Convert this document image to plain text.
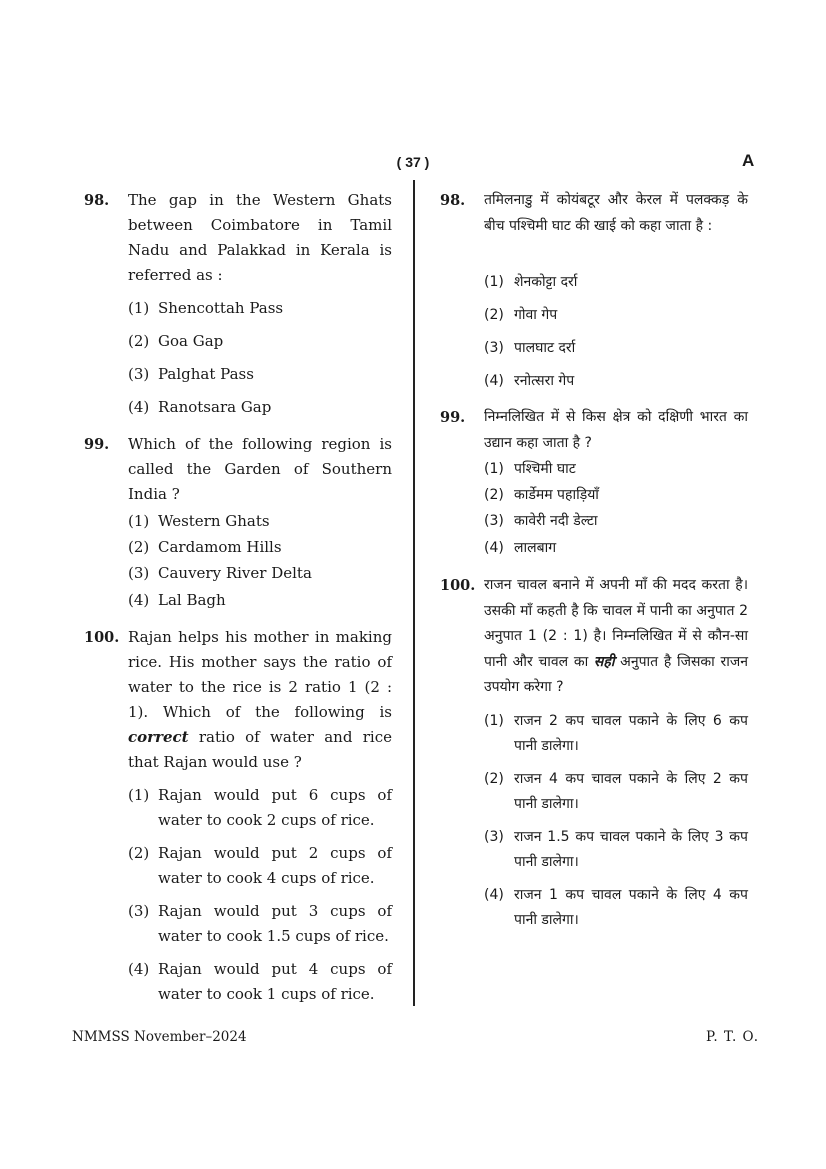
( 37 )	A
98. The gap in the Western Ghats between Coimbatore in Tamil Nadu and Palakkad in Kerala is referred as :
(1) Shencottah Pass
(2) Goa Gap
(3) Palghat Pass
(4) Ranotsara Gap
99. Which of the following region is called the Garden of Southern India ?
(1) Western Ghats
(2) Cardamom Hills
(3) Cauvery River Delta
(4) Lal Bagh
100. Rajan helps his mother in making rice. His mother says the ratio of water to the rice is 2 ratio 1 (2 : 1). Which of the following is correct ratio of water and rice that Rajan would use ?
(1) Rajan would put 6 cups of water to cook 2 cups of rice.
(2) Rajan would put 2 cups of water to cook 4 cups of rice.
(3) Rajan would put 3 cups of water to cook 1.5 cups of rice.
(4) Rajan would put 4 cups of water to cook 1 cups of rice.
98. तमिलनाडु में कोयंबटूर और केरल में पलक्कड़ के बीच पश्चिमी घाट की खाई को कहा जाता है :
(1) शेनकोट्टा दर्रा
(2) गोवा गेप
(3) पालघाट दर्रा
(4) रनोत्सरा गेप
99. निम्नलिखित में से किस क्षेत्र को दक्षिणी भारत का उद्यान कहा जाता है ?
(1) पश्चिमी घाट
(2) कार्डेमम पहाड़ियाँ
(3) कावेरी नदी डेल्टा
(4) लालबाग
100. राजन चावल बनाने में अपनी माँ की मदद करता है। उसकी माँ कहती है कि चावल में पानी का अनुपात 2 अनुपात 1 (2 : 1) है। निम्नलिखित में से कौन-सा पानी और चावल का सही अनुपात है जिसका राजन उपयोग करेगा ?
(1) राजन 2 कप चावल पकाने के लिए 6 कप पानी डालेगा।
(2) राजन 4 कप चावल पकाने के लिए 2 कप पानी डालेगा।
(3) राजन 1.5 कप चावल पकाने के लिए 3 कप पानी डालेगा।
(4) राजन 1 कप चावल पकाने के लिए 4 कप पानी डालेगा।
NMMSS November–2024	P. T. O.
